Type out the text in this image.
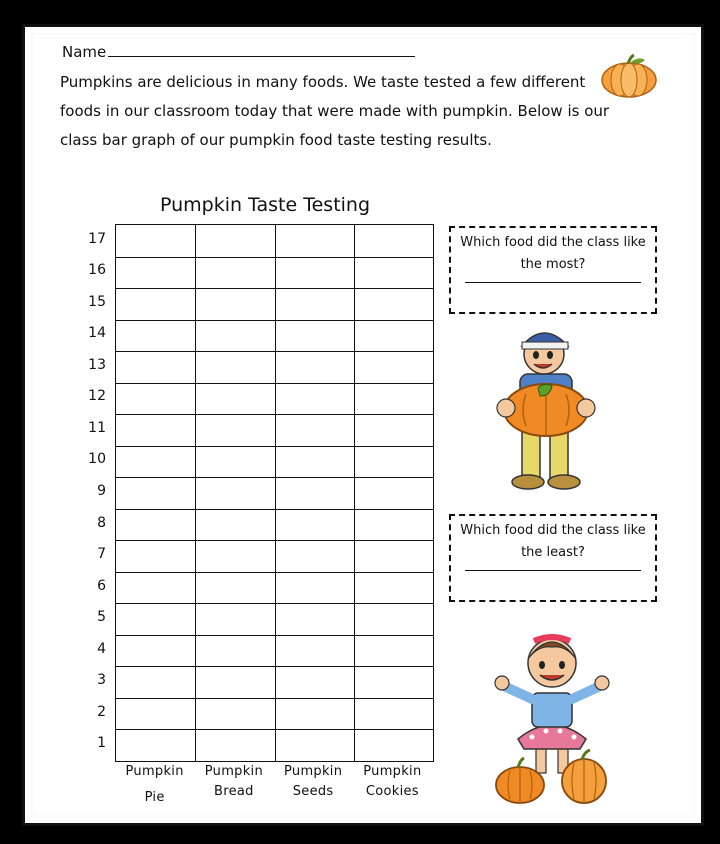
Name
Pumpkins are delicious in many foods. We taste tested a few different foods in our classroom today that were made with pumpkin. Below is our class bar graph of our pumpkin food taste testing results.
Pumpkin Taste Testing
1
2
3
4
5
6
7
8
9
10
11
12
13
14
15
16
17
Pumpkin
Pie
Pumpkin
Bread
Pumpkin
Seeds
Pumpkin
Cookies
Which food did the class like the most?
Which food did the class like the least?
